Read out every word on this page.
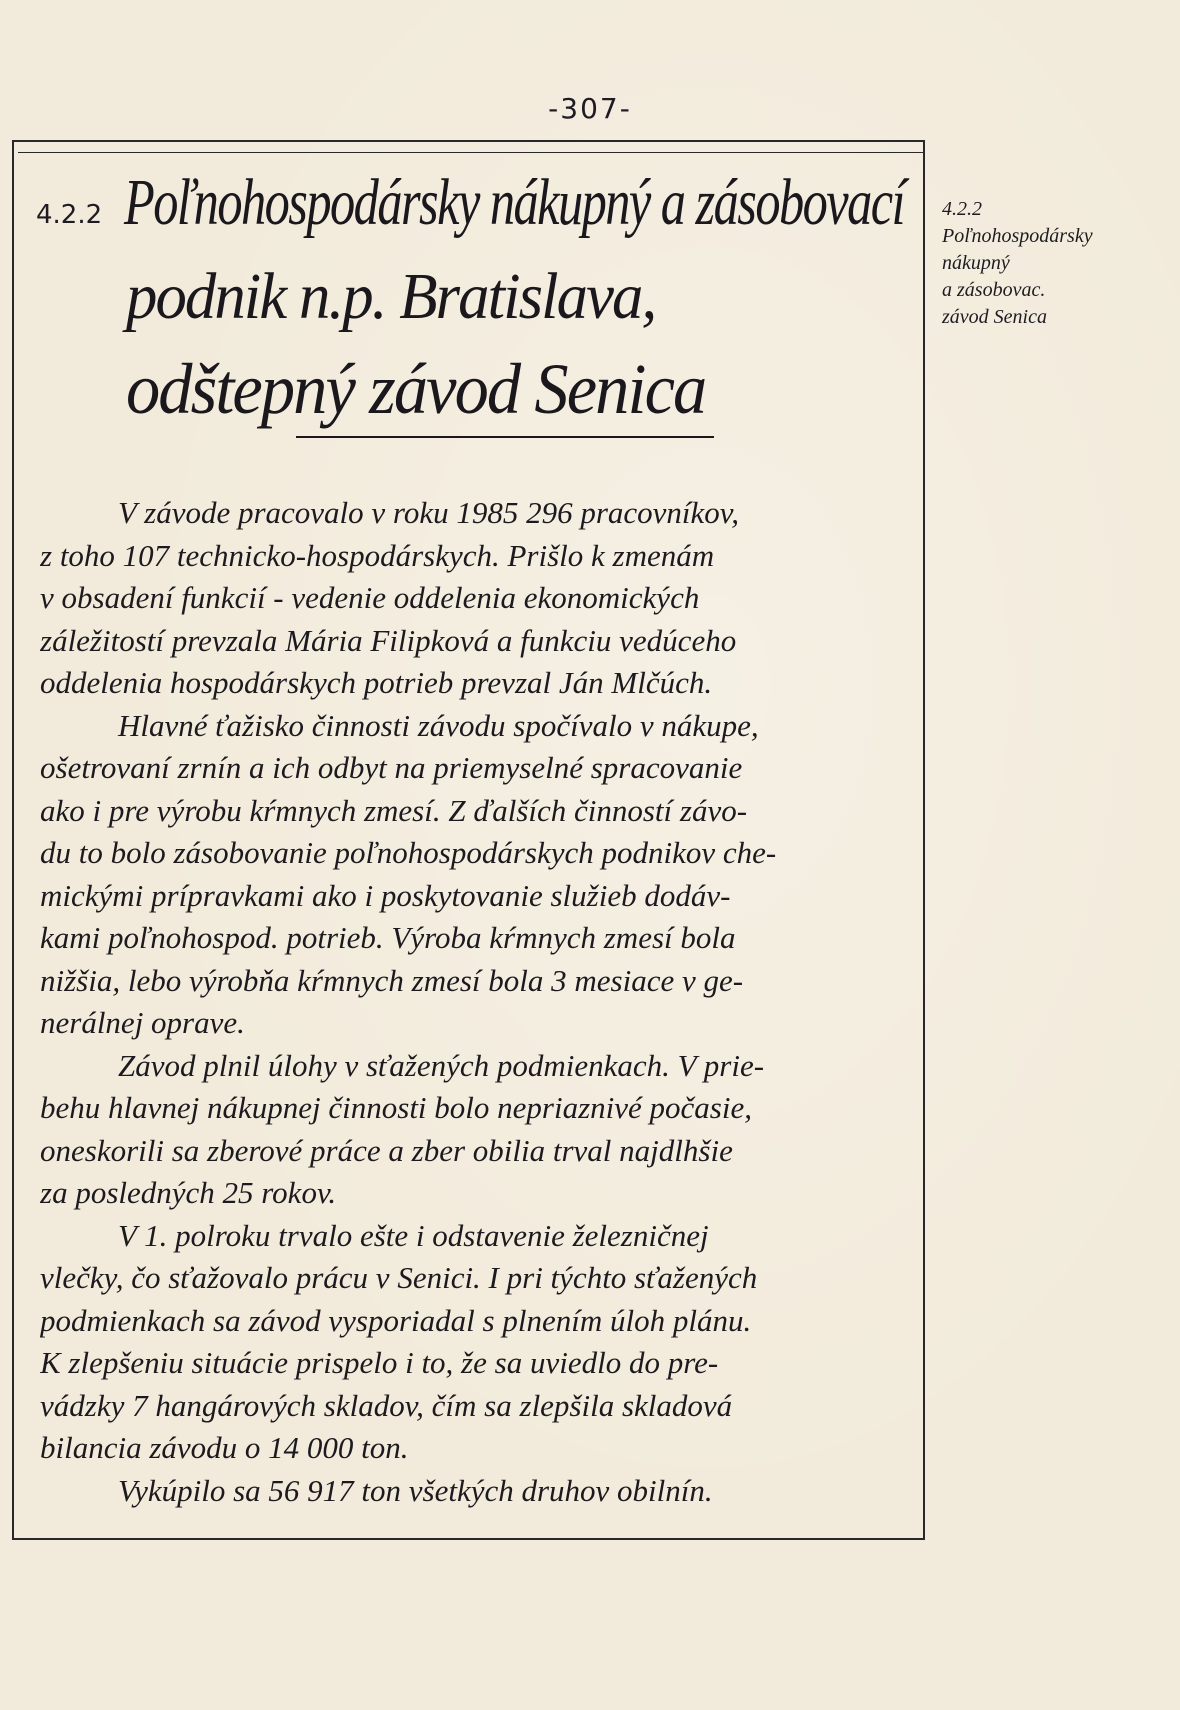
-307-
4.2.2 Poľnohospodársky nákupný a zásobovací
podnik n.p. Bratislava,
odštepný závod Senica
4.2.2
Poľnohospodársky
nákupný
a zásobovac.
závod Senica
V závode pracovalo v roku 1985 296 pracovníkov,
z toho 107 technicko-hospodárskych. Prišlo k zmenám
v obsadení funkcií - vedenie oddelenia ekonomických
záležitostí prevzala Mária Filipková a funkciu vedúceho
oddelenia hospodárskych potrieb prevzal Ján Mlčúch.
Hlavné ťažisko činnosti závodu spočívalo v nákupe,
ošetrovaní zrnín a ich odbyt na priemyselné spracovanie
ako i pre výrobu kŕmnych zmesí. Z ďalších činností závo-
du to bolo zásobovanie poľnohospodárskych podnikov che-
mickými prípravkami ako i poskytovanie služieb dodáv-
kami poľnohospod. potrieb. Výroba kŕmnych zmesí bola
nižšia, lebo výrobňa kŕmnych zmesí bola 3 mesiace v ge-
nerálnej oprave.
Závod plnil úlohy v sťažených podmienkach. V prie-
behu hlavnej nákupnej činnosti bolo nepriaznivé počasie,
oneskorili sa zberové práce a zber obilia trval najdlhšie
za posledných 25 rokov.
V 1. polroku trvalo ešte i odstavenie železničnej
vlečky, čo sťažovalo prácu v Senici. I pri týchto sťažených
podmienkach sa závod vysporiadal s plnením úloh plánu.
K zlepšeniu situácie prispelo i to, že sa uviedlo do pre-
vádzky 7 hangárových skladov, čím sa zlepšila skladová
bilancia závodu o 14 000 ton.
Vykúpilo sa 56 917 ton všetkých druhov obilnín.
